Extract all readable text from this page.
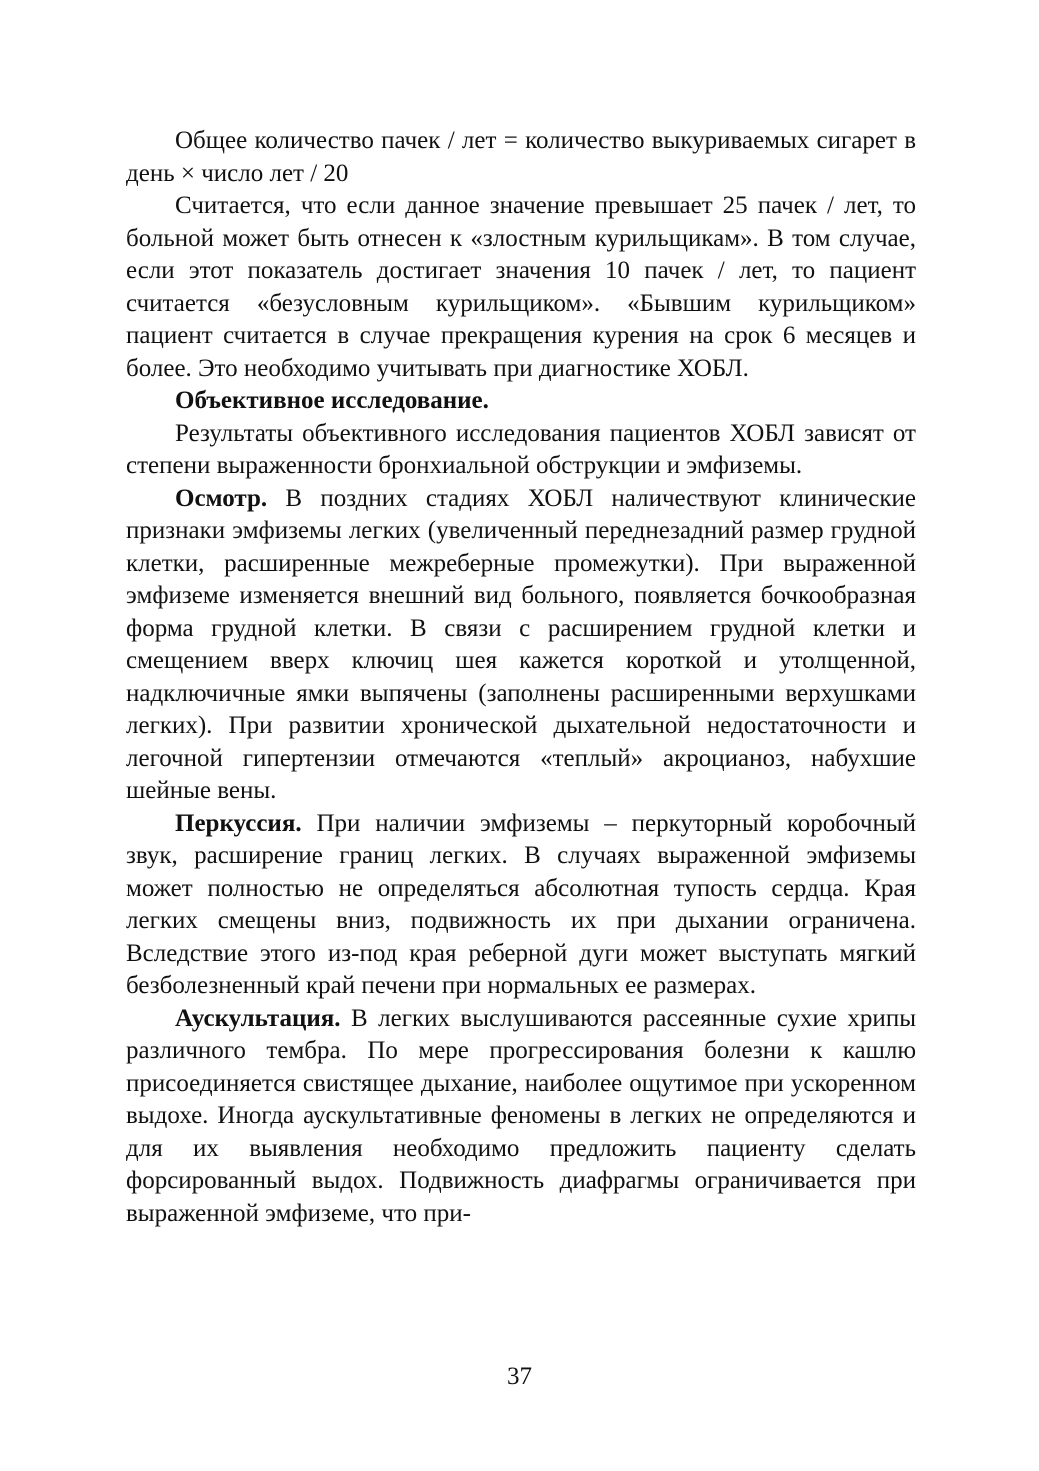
Общее количество пачек / лет = количество выкуриваемых сигарет в день × число лет / 20

Считается, что если данное значение превышает 25 пачек / лет, то больной может быть отнесен к «злостным курильщикам». В том случае, если этот показатель достигает значения 10 пачек / лет, то пациент считается «безусловным курильщиком». «Бывшим курильщиком» пациент считается в случае прекращения курения на срок 6 месяцев и более. Это необходимо учитывать при диагностике ХОБЛ.

Объективное исследование.

Результаты объективного исследования пациентов ХОБЛ зависят от степени выраженности бронхиальной обструкции и эмфиземы.

Осмотр. В поздних стадиях ХОБЛ наличествуют клинические признаки эмфиземы легких (увеличенный переднезадний размер грудной клетки, расширенные межреберные промежутки). При выраженной эмфиземе изменяется внешний вид больного, появляется бочкообразная форма грудной клетки. В связи с расширением грудной клетки и смещением вверх ключиц шея кажется короткой и утолщенной, надключичные ямки выпячены (заполнены расширенными верхушками легких). При развитии хронической дыхательной недостаточности и легочной гипертензии отмечаются «теплый» акроцианоз, набухшие шейные вены.

Перкуссия. При наличии эмфиземы – перкуторный коробочный звук, расширение границ легких. В случаях выраженной эмфиземы может полностью не определяться абсолютная тупость сердца. Края легких смещены вниз, подвижность их при дыхании ограничена. Вследствие этого из-под края реберной дуги может выступать мягкий безболезненный край печени при нормальных ее размерах.

Аускультация. В легких выслушиваются рассеянные сухие хрипы различного тембра. По мере прогрессирования болезни к кашлю присоединяется свистящее дыхание, наиболее ощутимое при ускоренном выдохе. Иногда аускультативные феномены в легких не определяются и для их выявления необходимо предложить пациенту сделать форсированный выдох. Подвижность диафрагмы ограничивается при выраженной эмфиземе, что при-

37
